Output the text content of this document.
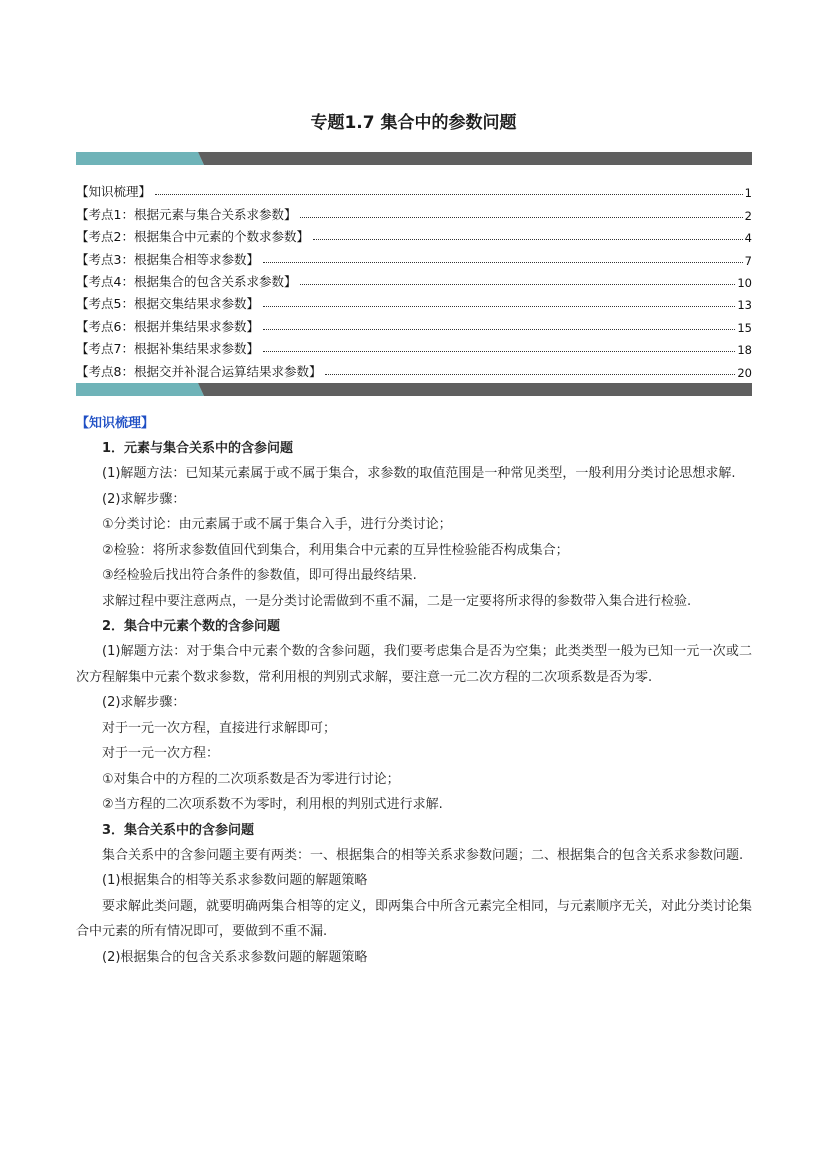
专题1.7 集合中的参数问题
【知识梳理】	1
【考点1：根据元素与集合关系求参数】	2
【考点2：根据集合中元素的个数求参数】	4
【考点3：根据集合相等求参数】	7
【考点4：根据集合的包含关系求参数】	10
【考点5：根据交集结果求参数】	13
【考点6：根据并集结果求参数】	15
【考点7：根据补集结果求参数】	18
【考点8：根据交并补混合运算结果求参数】	20
【知识梳理】
1．元素与集合关系中的含参问题
(1)解题方法：已知某元素属于或不属于集合，求参数的取值范围是一种常见类型，一般利用分类讨论思想求解.
(2)求解步骤：
①分类讨论：由元素属于或不属于集合入手，进行分类讨论；
②检验：将所求参数值回代到集合，利用集合中元素的互异性检验能否构成集合；
③经检验后找出符合条件的参数值，即可得出最终结果.
求解过程中要注意两点，一是分类讨论需做到不重不漏，二是一定要将所求得的参数带入集合进行检验.
2．集合中元素个数的含参问题
(1)解题方法：对于集合中元素个数的含参问题，我们要考虑集合是否为空集；此类类型一般为已知一元一次或二次方程解集中元素个数求参数，常利用根的判别式求解，要注意一元二次方程的二次项系数是否为零.
(2)求解步骤：
对于一元一次方程，直接进行求解即可；
对于一元一次方程：
①对集合中的方程的二次项系数是否为零进行讨论；
②当方程的二次项系数不为零时，利用根的判别式进行求解.
3．集合关系中的含参问题
集合关系中的含参问题主要有两类：一、根据集合的相等关系求参数问题；二、根据集合的包含关系求参数问题.
(1)根据集合的相等关系求参数问题的解题策略
要求解此类问题，就要明确两集合相等的定义，即两集合中所含元素完全相同，与元素顺序无关，对此分类讨论集合中元素的所有情况即可，要做到不重不漏.
(2)根据集合的包含关系求参数问题的解题策略
